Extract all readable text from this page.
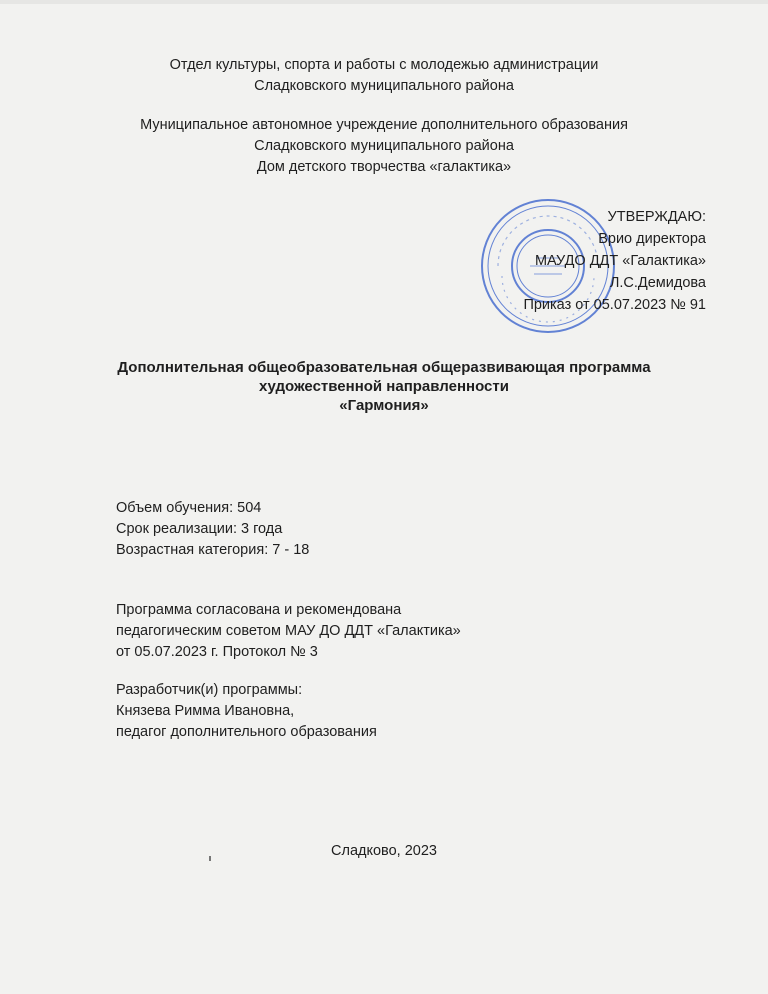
Отдел культуры, спорта и работы с молодежью администрации
Сладковского муниципального района
Муниципальное автономное учреждение дополнительного образования
Сладковского муниципального района
Дом детского творчества «галактика»
УТВЕРЖДАЮ:
Врио директора
МАУДО ДДТ «Галактика»
Л.С.Демидова
Приказ от 05.07.2023 № 91
Дополнительная общеобразовательная общеразвивающая программа
художественной направленности
«Гармония»
Объем обучения: 504
Срок реализации: 3 года
Возрастная категория: 7 - 18
Программа согласована и рекомендована
педагогическим советом МАУ ДО ДДТ «Галактика»
от 05.07.2023 г. Протокол № 3
Разработчик(и) программы:
Князева Римма Ивановна,
педагог дополнительного образования
Сладково, 2023
